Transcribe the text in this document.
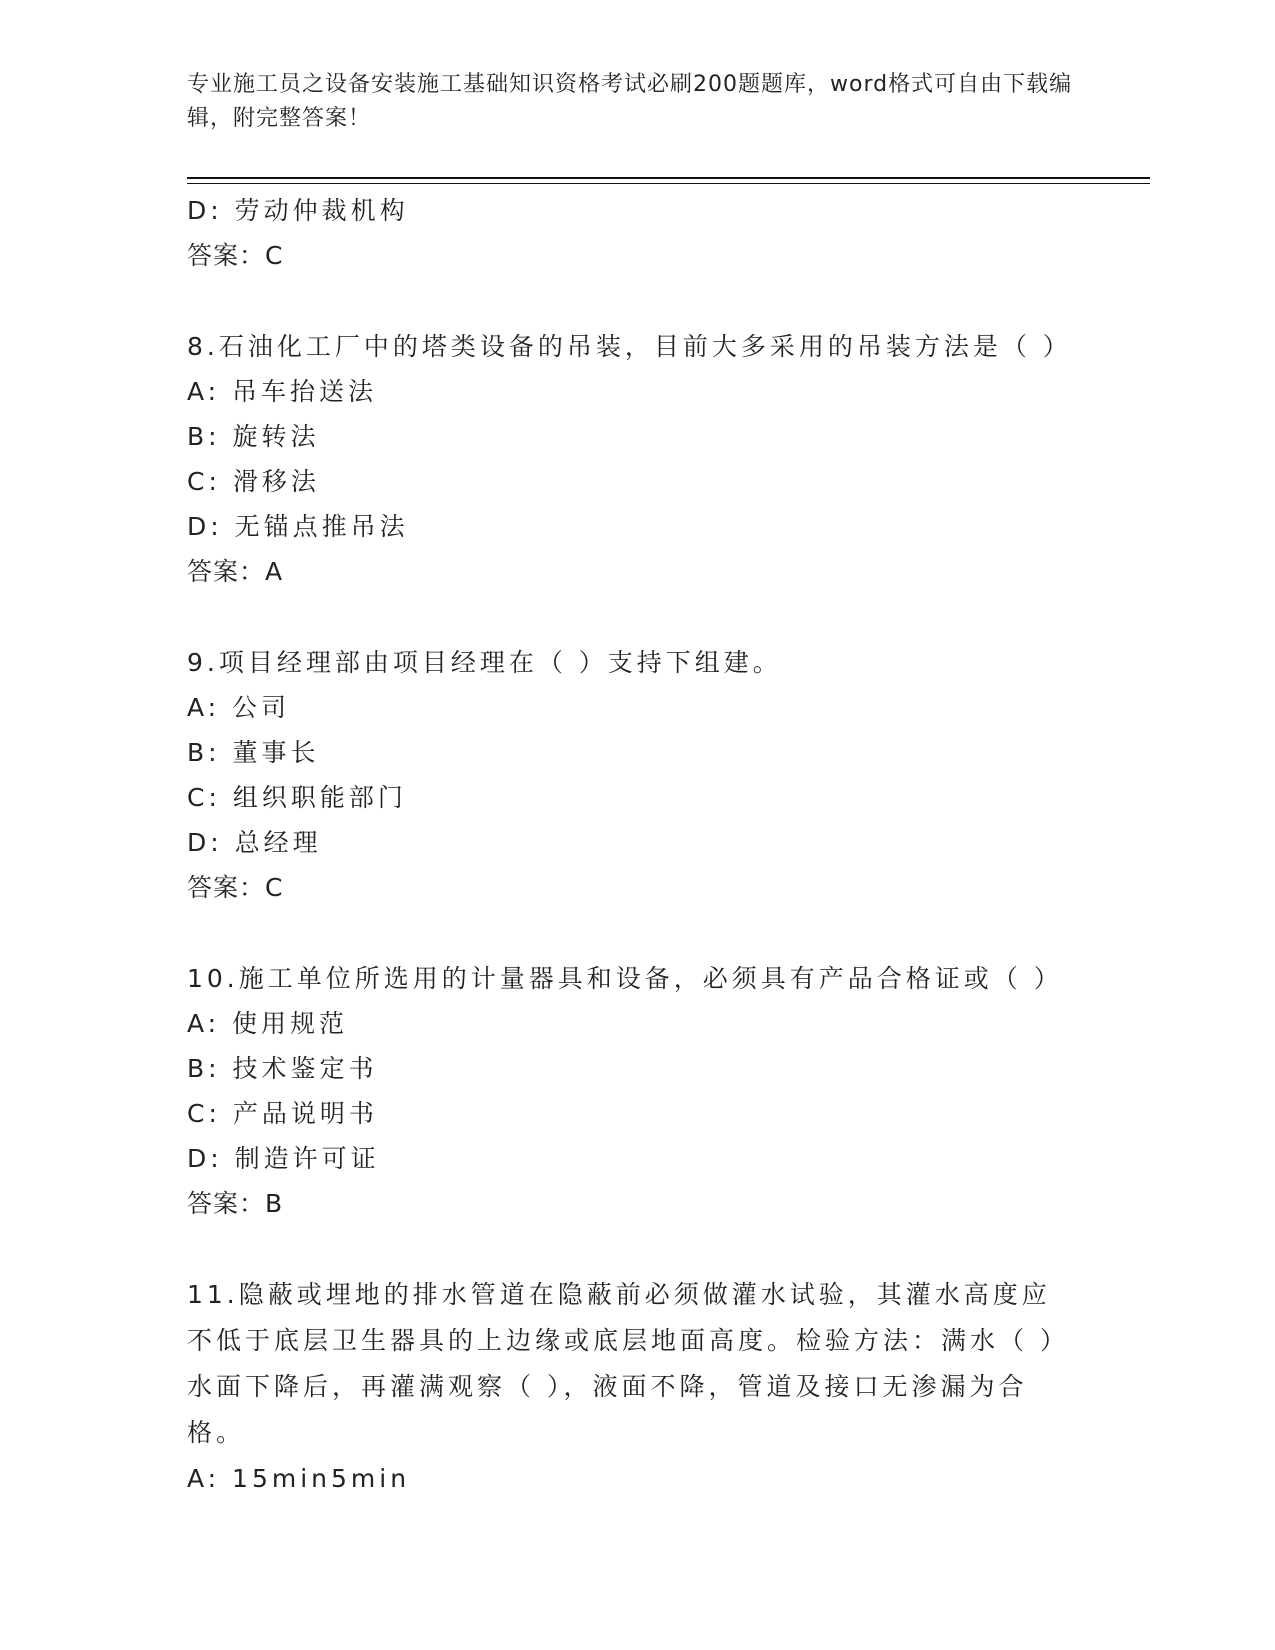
专业施工员之设备安装施工基础知识资格考试必刷200题题库，word格式可自由下载编辑，附完整答案！
D: 劳动仲裁机构
答案：C
8.石油化工厂中的塔类设备的吊装，目前大多采用的吊装方法是（ ）
A: 吊车抬送法
B: 旋转法
C: 滑移法
D: 无锚点推吊法
答案：A
9.项目经理部由项目经理在（ ）支持下组建。
A: 公司
B: 董事长
C: 组织职能部门
D: 总经理
答案：C
10.施工单位所选用的计量器具和设备，必须具有产品合格证或（ ）
A: 使用规范
B: 技术鉴定书
C: 产品说明书
D: 制造许可证
答案：B
11.隐蔽或埋地的排水管道在隐蔽前必须做灌水试验，其灌水高度应不低于底层卫生器具的上边缘或底层地面高度。检验方法：满水（ ）水面下降后，再灌满观察（ ），液面不降，管道及接口无渗漏为合格。
A: 15min5min
